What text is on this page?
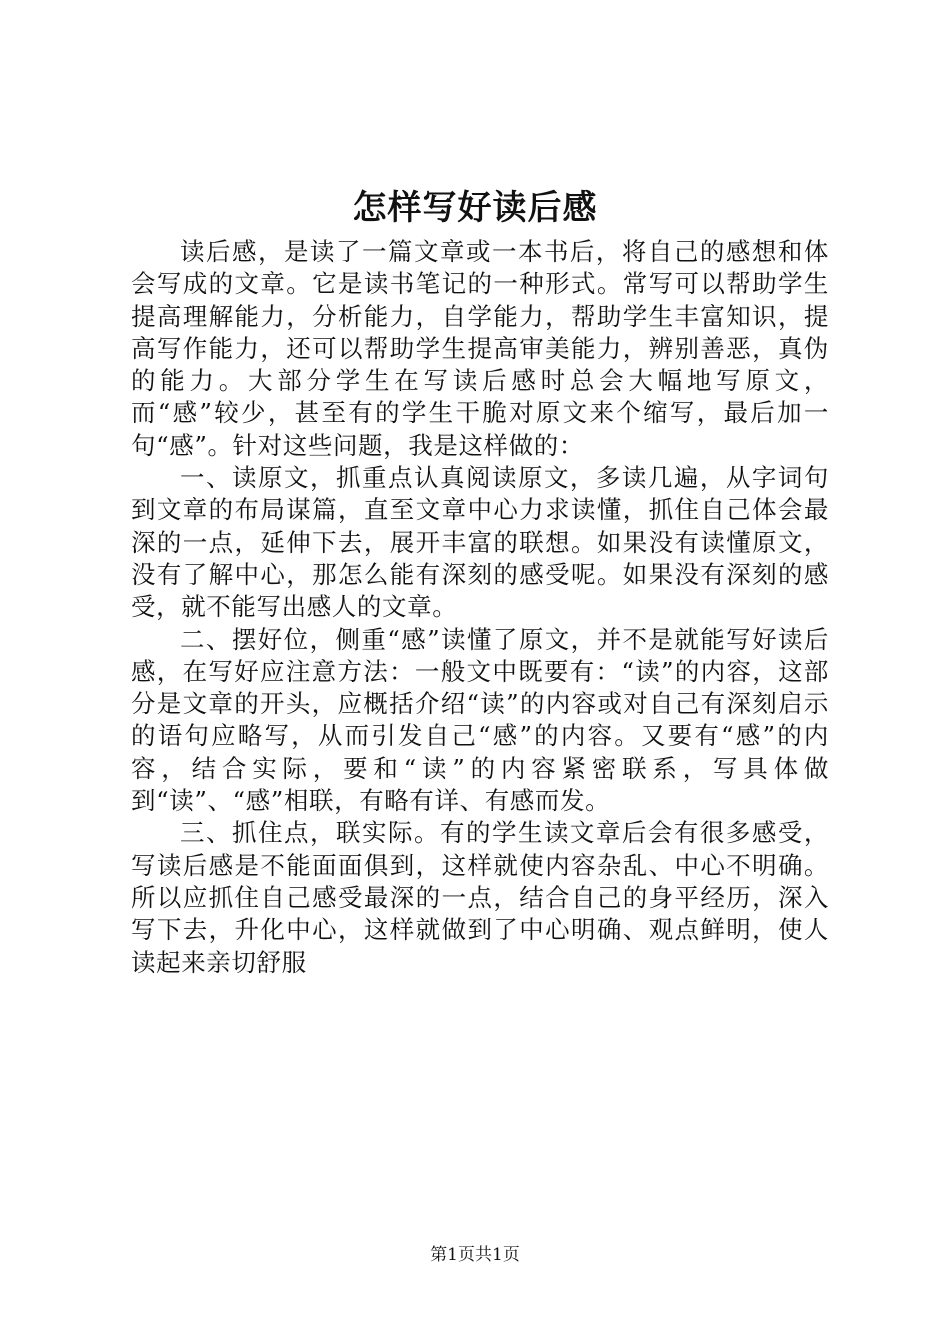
怎样写好读后感

读后感，是读了一篇文章或一本书后，将自己的感想和体会写成的文章。它是读书笔记的一种形式。常写可以帮助学生提高理解能力，分析能力，自学能力，帮助学生丰富知识，提高写作能力，还可以帮助学生提高审美能力，辨别善恶，真伪的能力。大部分学生在写读后感时总会大幅地写原文，而“感”较少，甚至有的学生干脆对原文来个缩写，最后加一句“感”。针对这些问题，我是这样做的：

一、读原文，抓重点认真阅读原文，多读几遍，从字词句到文章的布局谋篇，直至文章中心力求读懂，抓住自己体会最深的一点，延伸下去，展开丰富的联想。如果没有读懂原文，没有了解中心，那怎么能有深刻的感受呢。如果没有深刻的感受，就不能写出感人的文章。

二、摆好位，侧重“感”读懂了原文，并不是就能写好读后感，在写好应注意方法：一般文中既要有：“读”的内容，这部分是文章的开头，应概括介绍“读”的内容或对自己有深刻启示的语句应略写，从而引发自己“感”的内容。又要有“感”的内容，结合实际，要和“读”的内容紧密联系，写具体做到“读”、“感”相联，有略有详、有感而发。

三、抓住点，联实际。有的学生读文章后会有很多感受，写读后感是不能面面俱到，这样就使内容杂乱、中心不明确。所以应抓住自己感受最深的一点，结合自己的身平经历，深入写下去，升化中心，这样就做到了中心明确、观点鲜明，使人读起来亲切舒服

第1页共1页
